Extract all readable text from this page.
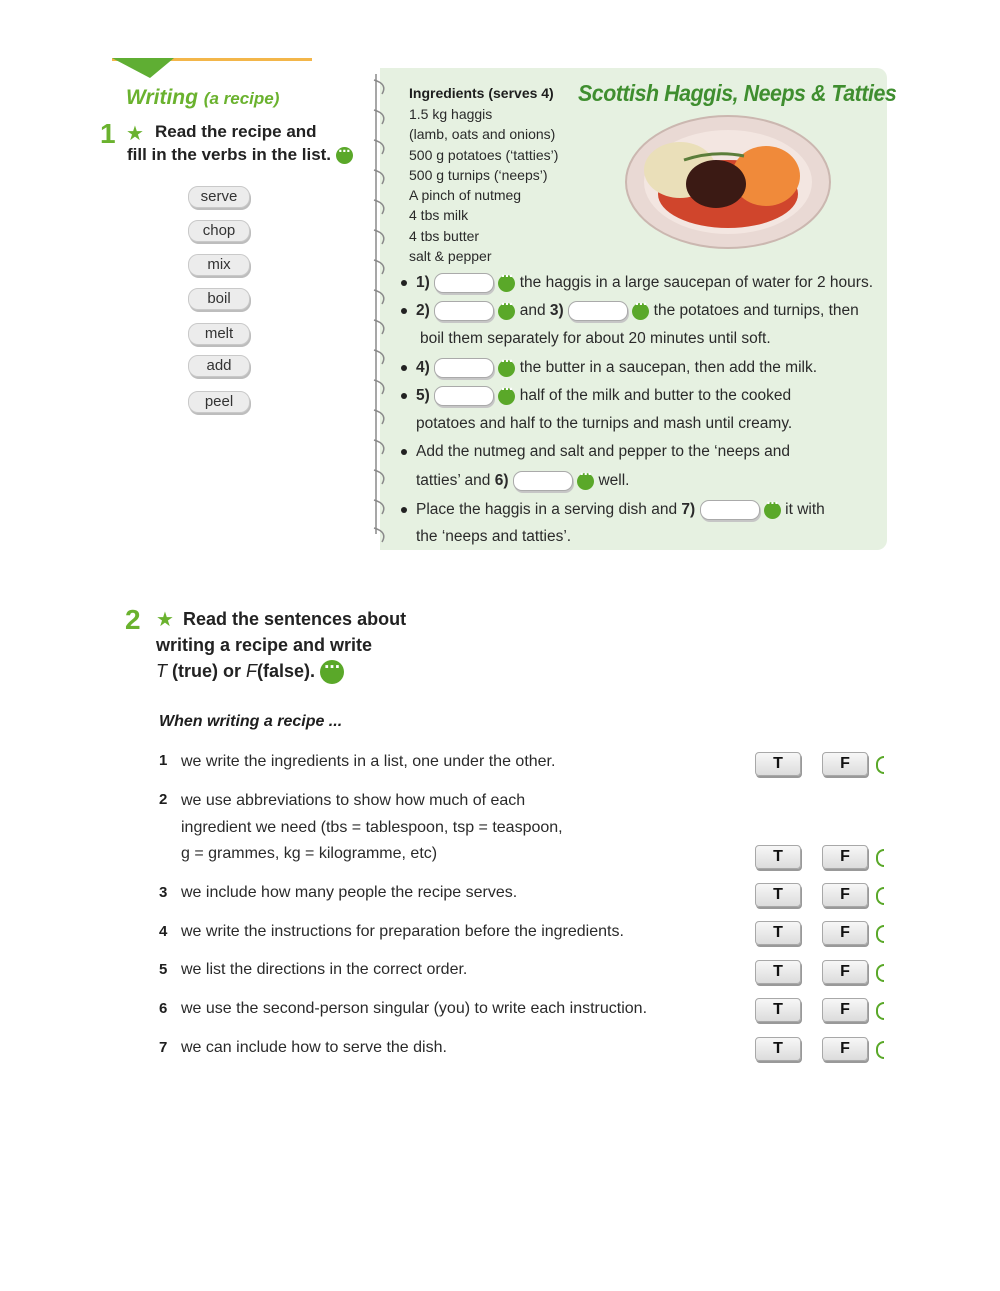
Writing (a recipe)
1 ★ Read the recipe and
fill in the verbs in the list. ···
serve
chop
mix
boil
melt
add
peel
Ingredients (serves 4) Scottish Haggis, Neeps & Tatties
1.5 kg haggis
(lamb, oats and onions)
500 g potatoes (‘tatties’)
500 g turnips (‘neeps’)
A pinch of nutmeg
4 tbs milk
4 tbs butter
salt & pepper
1) ···	the haggis in a large saucepan of water for 2 hours.
2) ···	and 3) ···	the potatoes and turnips, then
boil them separately for about 20 minutes until soft.
4) ···	the butter in a saucepan, then add the milk.
5) ···	half of the milk and butter to the cooked
potatoes and half to the turnips and mash until creamy.
Add the nutmeg and salt and pepper to the ‘neeps and
tatties’ and 6) ···	well.
Place the haggis in a serving dish and 7) ···	it with
the ‘neeps and tatties’.
2 ★ Read the sentences about
writing a recipe and write
T (true) or F(false). ···
When writing a recipe ...
1 we write the ingredients in a list, one under the other.	T	F
2 we use abbreviations to show how much of each
ingredient we need (tbs = tablespoon, tsp = teaspoon,
g = grammes, kg = kilogramme, etc)	T	F
3 we include how many people the recipe serves.	T	F
4 we write the instructions for preparation before the ingredients.	T	F
5 we list the directions in the correct order.	T	F
6 we use the second-person singular (you) to write each instruction.	T	F
7 we can include how to serve the dish.	T	F
